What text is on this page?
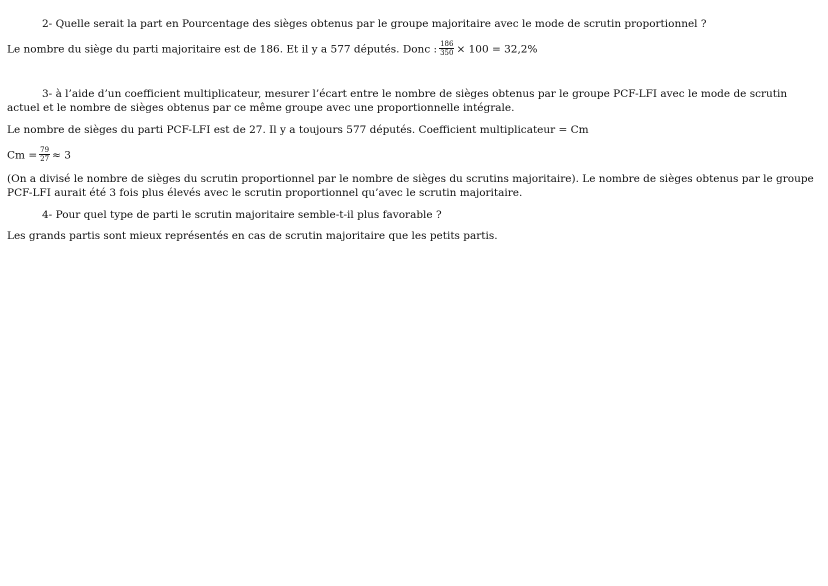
2- Quelle serait la part en Pourcentage des sièges obtenus par le groupe majoritaire avec le mode de scrutin proportionnel ?
Le nombre du siège du parti majoritaire est de 186. Et il y a 577 députés. Donc : $\frac{186}{350} \times 100 = 32,2\%$
3- à l’aide d’un coefficient multiplicateur, mesurer l’écart entre le nombre de sièges obtenus par le groupe PCF-LFI avec le mode de scrutin actuel et le nombre de sièges obtenus par ce même groupe avec une proportionnelle intégrale.
Le nombre de sièges du parti PCF-LFI est de 27. Il y a toujours 577 députés. Coefficient multiplicateur = Cm
$Cm = \frac{79}{27} \approx 3$
(On a divisé le nombre de sièges du scrutin proportionnel par le nombre de sièges du scrutins majoritaire). Le nombre de sièges obtenus par le groupe PCF-LFI aurait été 3 fois plus élevés avec le scrutin proportionnel qu’avec le scrutin majoritaire.
4- Pour quel type de parti le scrutin majoritaire semble-t-il plus favorable ?
Les grands partis sont mieux représentés en cas de scrutin majoritaire que les petits partis.
